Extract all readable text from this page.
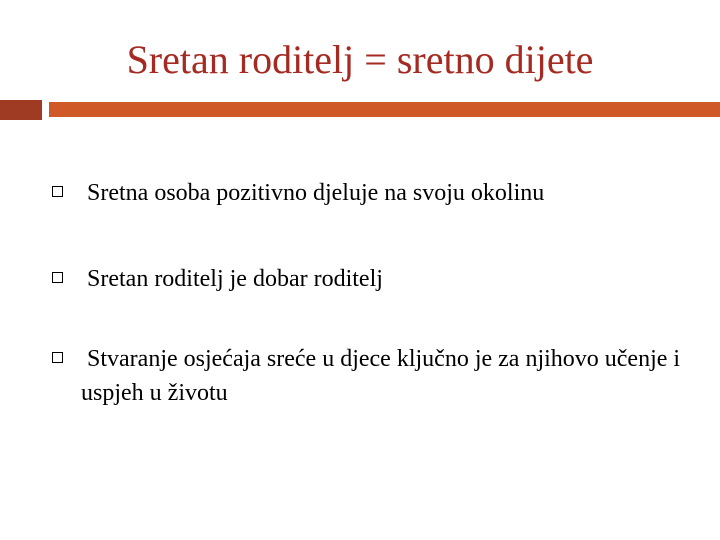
Sretan roditelj = sretno dijete
Sretna osoba pozitivno djeluje na svoju okolinu
Sretan roditelj je dobar roditelj
Stvaranje osjećaja sreće u djece ključno je za njihovo učenje i uspjeh u životu
